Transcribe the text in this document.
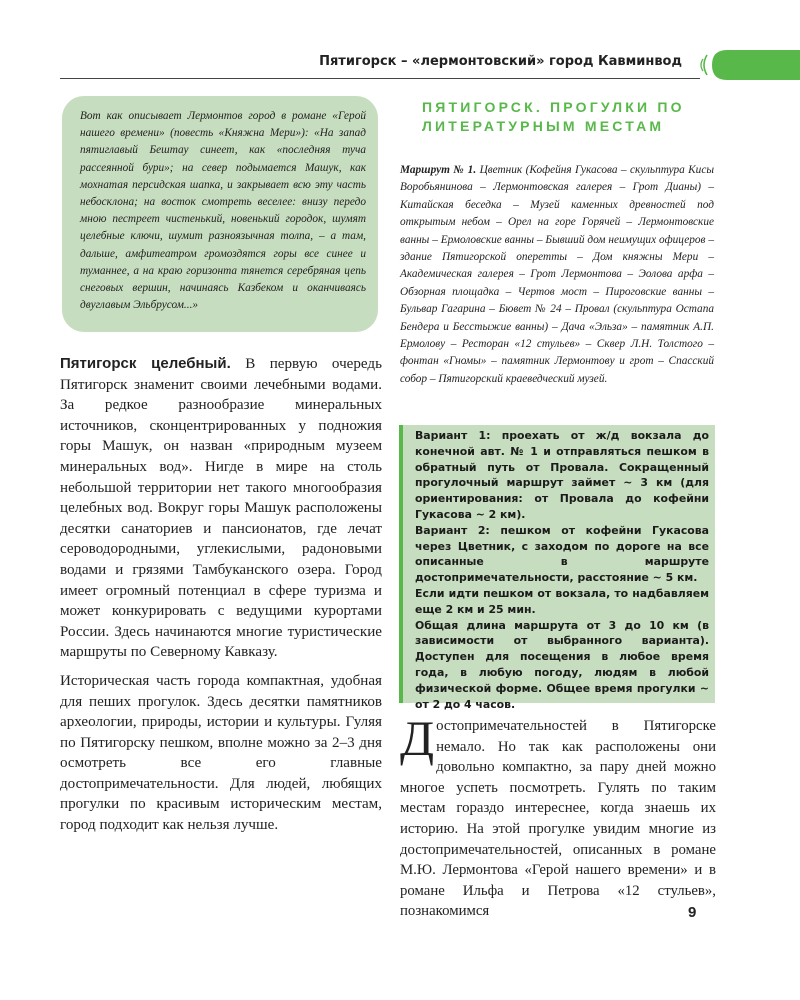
Пятигорск – «лермонтовский» город Кавминвод
Вот как описывает Лермонтов город в романе «Герой нашего времени» (повесть «Княжна Мери»): «На запад пятиглавый Бештау синеет, как «последняя туча рассеянной бури»; на север подымается Машук, как мохнатая персидская шапка, и закрывает всю эту часть небосклона; на восток смотреть веселее: внизу передо мною пестреет чистенький, новенький городок, шумят целебные ключи, шумит разноязычная толпа, – а там, дальше, амфитеатром громоздятся горы все синее и туманнее, а на краю горизонта тянется серебряная цепь снеговых вершин, начинаясь Казбеком и оканчиваясь двуглавым Эльбрусом...»

Пятигорск целебный. В первую очередь Пятигорск знаменит своими лечебными водами. За редкое разнообразие минеральных источников, сконцентрированных у подножия горы Машук, он назван «природным музеем минеральных вод». Нигде в мире на столь небольшой территории нет такого многообразия целебных вод. Вокруг горы Машук расположены десятки санаториев и пансионатов, где лечат сероводородными, углекислыми, радоновыми водами и грязями Тамбуканского озера. Город имеет огромный потенциал в сфере туризма и может конкурировать с ведущими курортами России. Здесь начинаются многие туристические маршруты по Северному Кавказу.

Историческая часть города компактная, удобная для пеших прогулок. Здесь десятки памятников археологии, природы, истории и культуры. Гуляя по Пятигорску пешком, вполне можно за 2–3 дня осмотреть все его главные достопримечательности. Для людей, любящих прогулки по красивым историческим местам, город подходит как нельзя лучше.

ПЯТИГОРСК. ПРОГУЛКИ ПО ЛИТЕРАТУРНЫМ МЕСТАМ
Маршрут № 1. Цветник (Кофейня Гукасова – скульптура Кисы Воробьянинова – Лермонтовская галерея – Грот Дианы) – Китайская беседка – Музей каменных древностей под открытым небом – Орел на горе Горячей – Лермонтовские ванны – Ермоловские ванны – Бывший дом неимущих офицеров – здание Пятигорской оперетты – Дом княжны Мери – Академическая галерея – Грот Лермонтова – Эолова арфа – Обзорная площадка – Чертов мост – Пироговские ванны – Бульвар Гагарина – Бювет № 24 – Провал (скульптура Остапа Бендера и Бесстыжие ванны) – Дача «Эльза» – памятник А.П. Ермолову – Ресторан «12 стульев» – Сквер Л.Н. Толстого – фонтан «Гномы» – памятник Лермонтову и грот – Спасский собор – Пятигорский краеведческий музей.

Вариант 1: проехать от ж/д вокзала до конечной авт. № 1 и отправляться пешком в обратный путь от Провала. Сокращенный прогулочный маршрут займет ~ 3 км (для ориентирования: от Провала до кофейни Гукасова ~ 2 км).

Вариант 2: пешком от кофейни Гукасова через Цветник, с заходом по дороге на все описанные в маршруте достопримечательности, расстояние ~ 5 км.

Если идти пешком от вокзала, то надбавляем еще 2 км и 25 мин.

Общая длина маршрута от 3 до 10 км (в зависимости от выбранного варианта). Доступен для посещения в любое время года, в любую погоду, людям в любой физической форме. Общее время прогулки ~ от 2 до 4 часов.

Достопримечательностей в Пятигорске немало. Но так как расположены они довольно компактно, за пару дней можно многое успеть посмотреть. Гулять по таким местам гораздо интереснее, когда знаешь их историю. На этой прогулке увидим многие из достопримечательностей, описанных в романе М.Ю. Лермонтова «Герой нашего времени» и в романе Ильфа и Петрова «12 стульев», познакомимся	9
